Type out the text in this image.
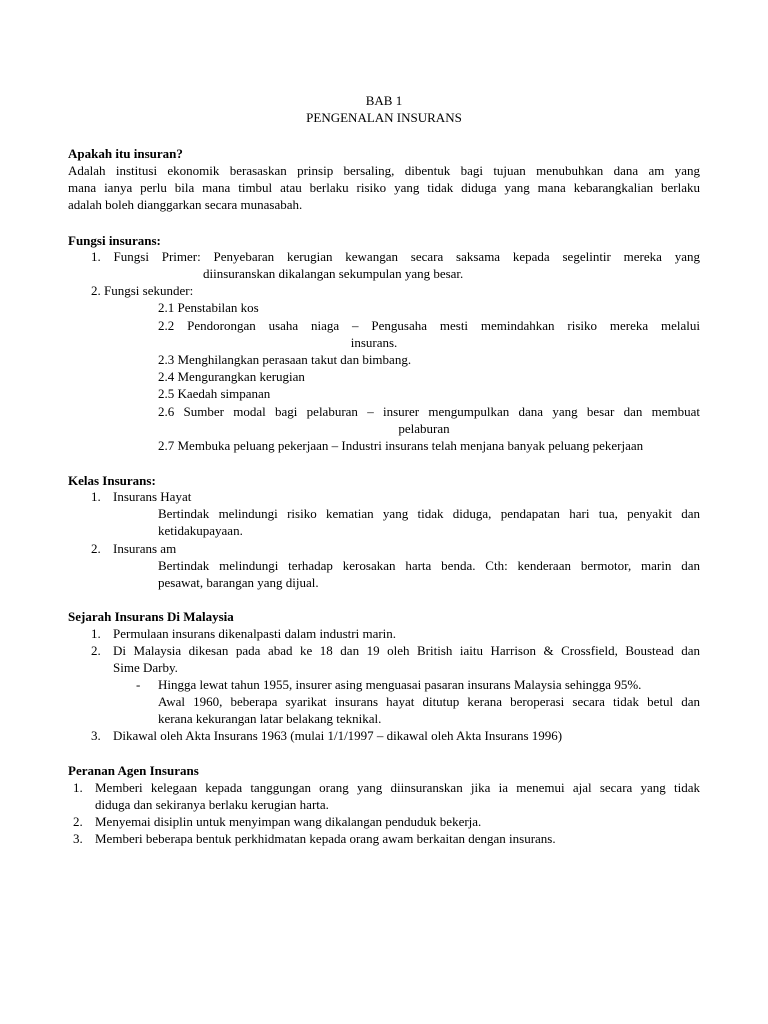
BAB 1
PENGENALAN INSURANS
Apakah itu insuran?
Adalah institusi ekonomik berasaskan prinsip bersaling, dibentuk bagi tujuan menubuhkan dana am yang
mana ianya perlu bila mana timbul atau berlaku risiko yang tidak diduga yang mana kebarangkalian berlaku
adalah boleh dianggarkan secara munasabah.
Fungsi insurans:
1. Fungsi Primer: Penyebaran kerugian kewangan secara saksama kepada segelintir mereka yang
diinsuranskan dikalangan sekumpulan yang besar.
2. Fungsi sekunder:
2.1 Penstabilan kos
2.2 Pendorongan usaha niaga – Pengusaha mesti memindahkan risiko mereka melalui
insurans.
2.3 Menghilangkan perasaan takut dan bimbang.
2.4 Mengurangkan kerugian
2.5 Kaedah simpanan
2.6 Sumber modal bagi pelaburan – insurer mengumpulkan dana yang besar dan membuat
pelaburan
2.7 Membuka peluang pekerjaan – Industri insurans telah menjana banyak peluang pekerjaan
Kelas Insurans:
1. Insurans Hayat
Bertindak melindungi risiko kematian yang tidak diduga, pendapatan hari tua, penyakit dan
ketidakupayaan.
2. Insurans am
Bertindak melindungi terhadap kerosakan harta benda. Cth: kenderaan bermotor, marin dan
pesawat, barangan yang dijual.
Sejarah Insurans Di Malaysia
1. Permulaan insurans dikenalpasti dalam industri marin.
2. Di Malaysia dikesan pada abad ke 18 dan 19 oleh British iaitu Harrison & Crossfield, Boustead dan
Sime Darby.
- Hingga lewat tahun 1955, insurer asing menguasai pasaran insurans Malaysia sehingga 95%.
Awal 1960, beberapa syarikat insurans hayat ditutup kerana beroperasi secara tidak betul dan
kerana kekurangan latar belakang teknikal.
3. Dikawal oleh Akta Insurans 1963 (mulai 1/1/1997 – dikawal oleh Akta Insurans 1996)
Peranan Agen Insurans
1. Memberi kelegaan kepada tanggungan orang yang diinsuranskan jika ia menemui ajal secara yang tidak
diduga dan sekiranya berlaku kerugian harta.
2. Menyemai disiplin untuk menyimpan wang dikalangan penduduk bekerja.
3. Memberi beberapa bentuk perkhidmatan kepada orang awam berkaitan dengan insurans.
